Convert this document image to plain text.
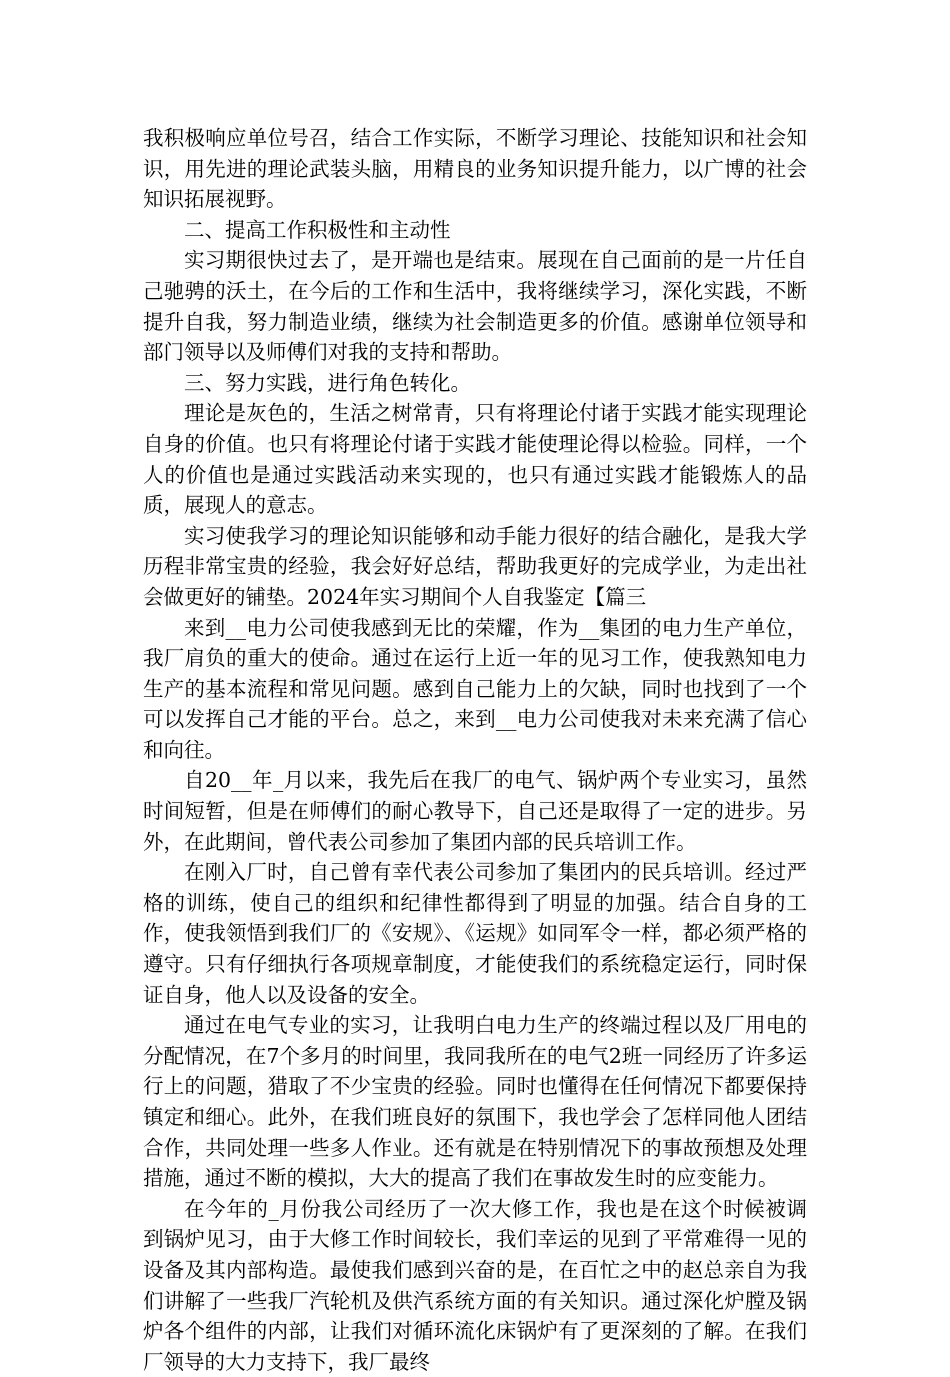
我积极响应单位号召，结合工作实际，不断学习理论、技能知识和社会知识，用先进的理论武装头脑，用精良的业务知识提升能力，以广博的社会知识拓展视野。

二、提高工作积极性和主动性

实习期很快过去了，是开端也是结束。展现在自己面前的是一片任自己驰骋的沃土，在今后的工作和生活中，我将继续学习，深化实践，不断提升自我，努力制造业绩，继续为社会制造更多的价值。感谢单位领导和部门领导以及师傅们对我的支持和帮助。

三、努力实践，进行角色转化。

理论是灰色的，生活之树常青，只有将理论付诸于实践才能实现理论自身的价值。也只有将理论付诸于实践才能使理论得以检验。同样，一个人的价值也是通过实践活动来实现的，也只有通过实践才能锻炼人的品质，展现人的意志。

实习使我学习的理论知识能够和动手能力很好的结合融化，是我大学历程非常宝贵的经验，我会好好总结，帮助我更好的完成学业，为走出社会做更好的铺垫。2024年实习期间个人自我鉴定【篇三

来到__电力公司使我感到无比的荣耀，作为__集团的电力生产单位，我厂肩负的重大的使命。通过在运行上近一年的见习工作，使我熟知电力生产的基本流程和常见问题。感到自己能力上的欠缺，同时也找到了一个可以发挥自己才能的平台。总之，来到__电力公司使我对未来充满了信心和向往。

自20__年_月以来，我先后在我厂的电气、锅炉两个专业实习，虽然时间短暂，但是在师傅们的耐心教导下，自己还是取得了一定的进步。另外，在此期间，曾代表公司参加了集团内部的民兵培训工作。

在刚入厂时，自己曾有幸代表公司参加了集团内的民兵培训。经过严格的训练，使自己的组织和纪律性都得到了明显的加强。结合自身的工作，使我领悟到我们厂的《安规》、《运规》如同军令一样，都必须严格的遵守。只有仔细执行各项规章制度，才能使我们的系统稳定运行，同时保证自身，他人以及设备的安全。

通过在电气专业的实习，让我明白电力生产的终端过程以及厂用电的分配情况，在7个多月的时间里，我同我所在的电气2班一同经历了许多运行上的问题，猎取了不少宝贵的经验。同时也懂得在任何情况下都要保持镇定和细心。此外，在我们班良好的氛围下，我也学会了怎样同他人团结合作，共同处理一些多人作业。还有就是在特别情况下的事故预想及处理措施，通过不断的模拟，大大的提高了我们在事故发生时的应变能力。

在今年的_月份我公司经历了一次大修工作，我也是在这个时候被调到锅炉见习，由于大修工作时间较长，我们幸运的见到了平常难得一见的设备及其内部构造。最使我们感到兴奋的是，在百忙之中的赵总亲自为我们讲解了一些我厂汽轮机及供汽系统方面的有关知识。通过深化炉膛及锅炉各个组件的内部，让我们对循环流化床锅炉有了更深刻的了解。在我们厂领导的大力支持下，我厂最终
